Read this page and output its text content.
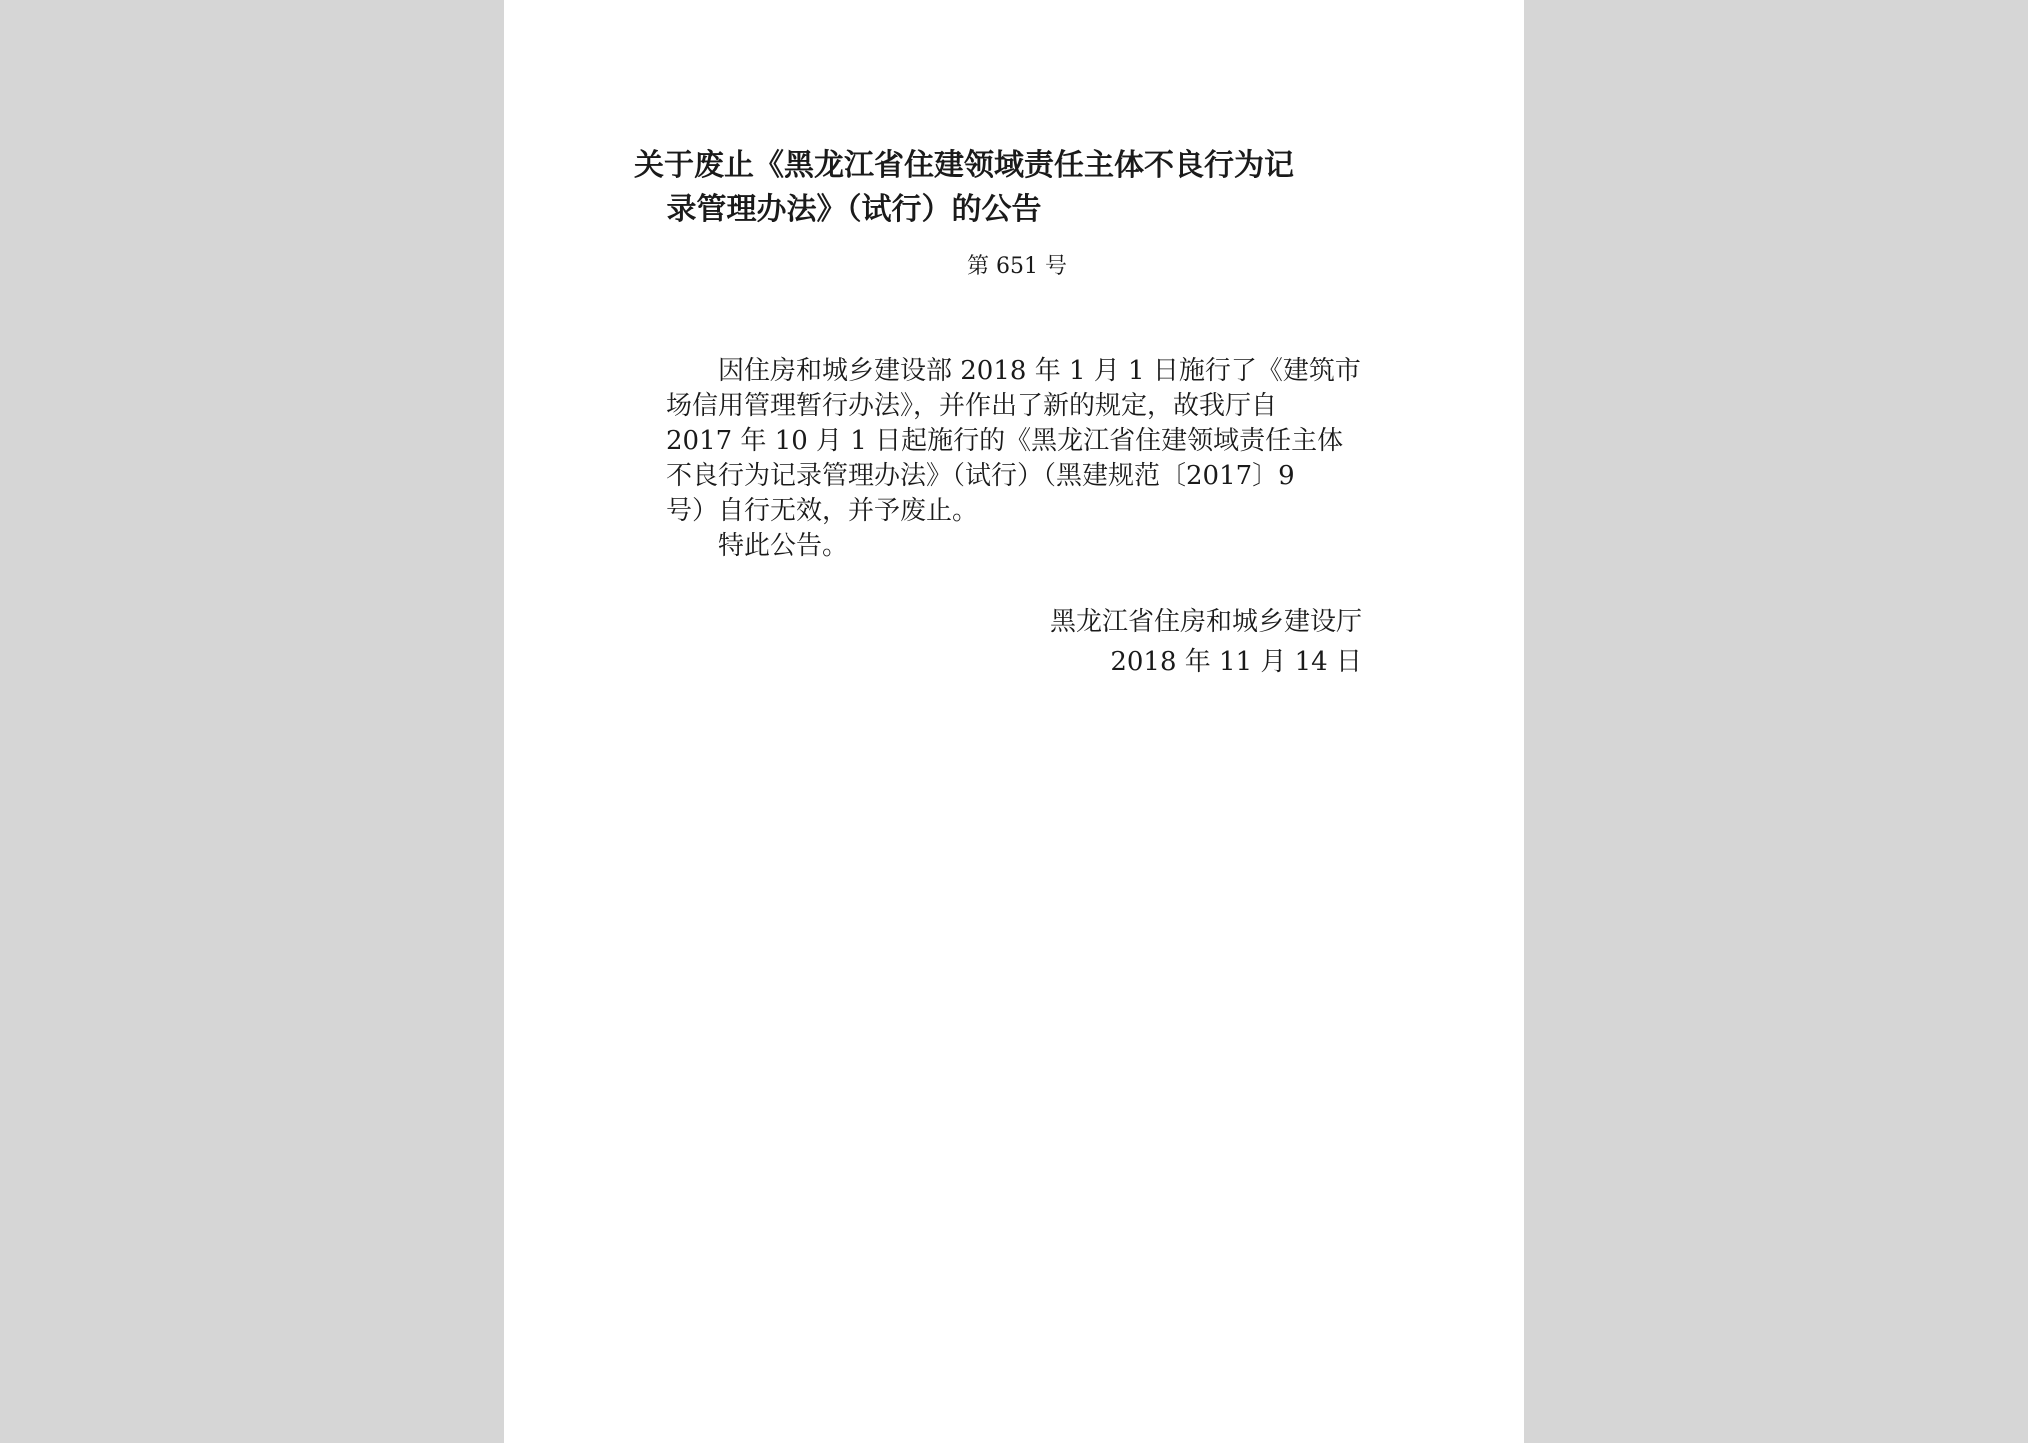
关于废止《黑龙江省住建领域责任主体不良行为记
录管理办法》（试行）的公告
第 651 号

因住房和城乡建设部 2018 年 1 月 1 日施行了《建筑市
场信用管理暂行办法》，并作出了新的规定，故我厅自
2017 年 10 月 1 日起施行的《黑龙江省住建领域责任主体
不良行为记录管理办法》（试行）（黑建规范〔2017〕9
号）自行无效，并予废止。

特此公告。

黑龙江省住房和城乡建设厅
2018 年 11 月 14 日
